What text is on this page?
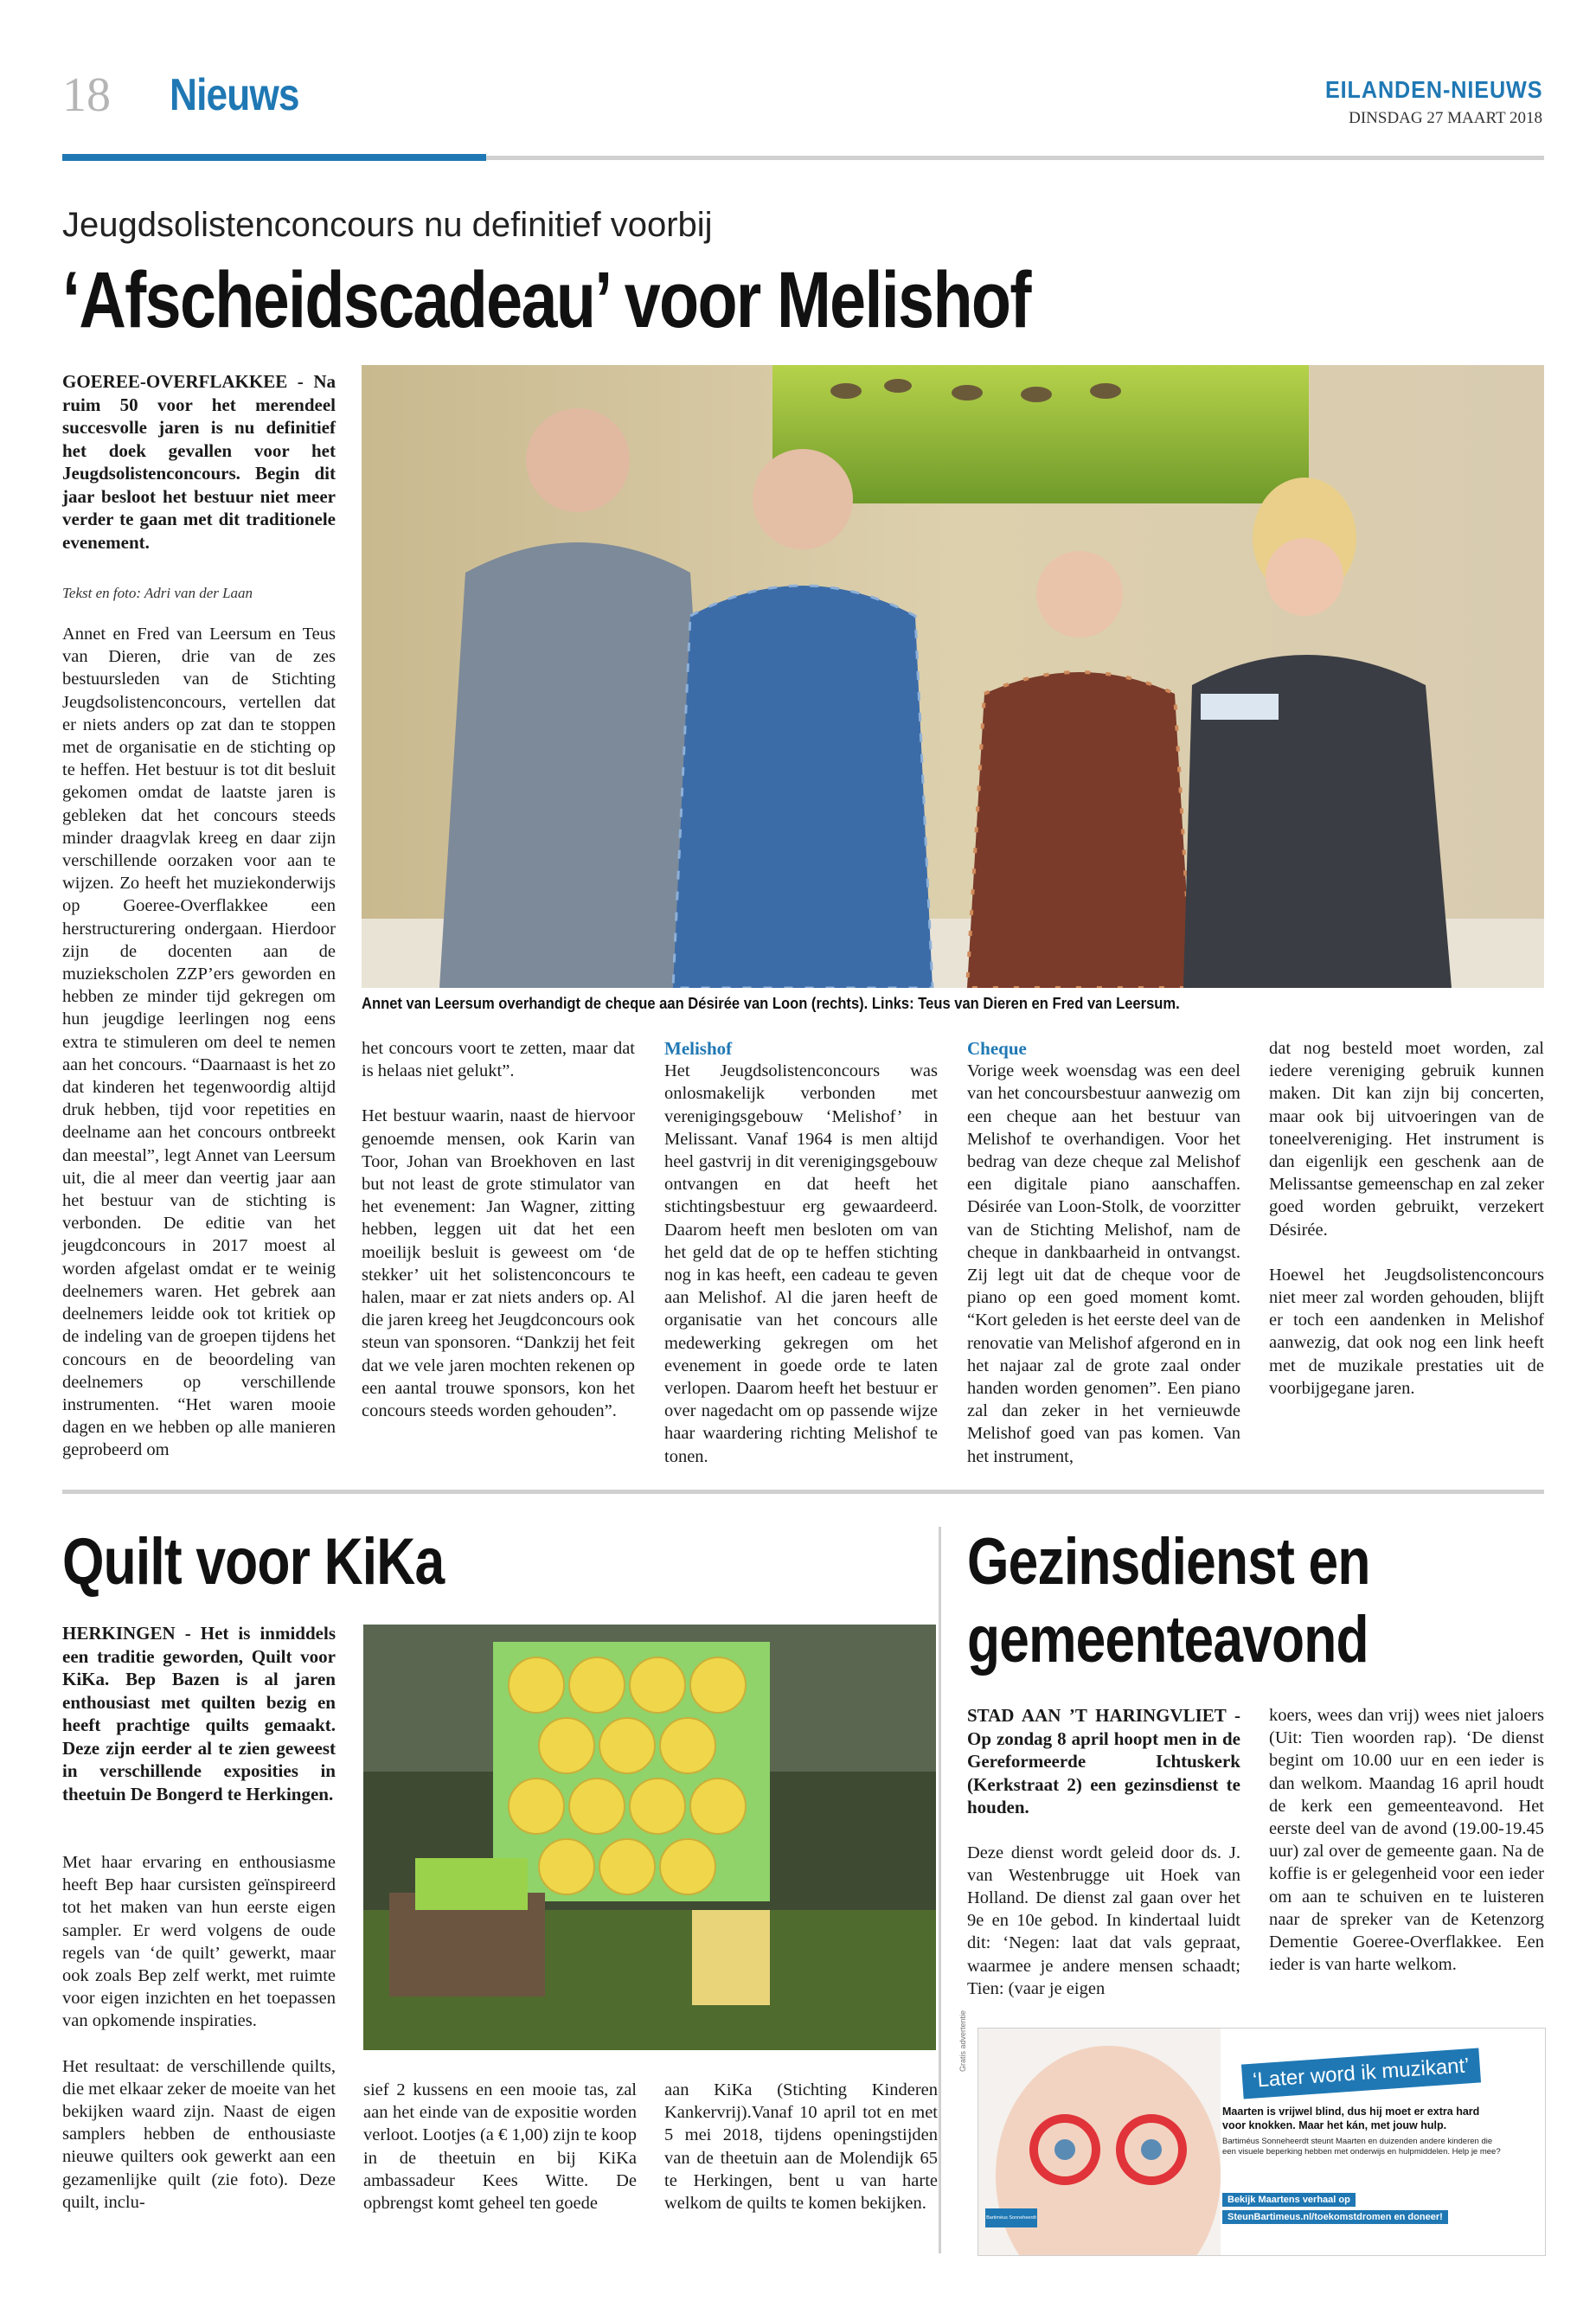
18 Nieuws	EILANDEN-NIEUWS
DINSDAG 27 MAART 2018
Jeugdsolistenconcours nu definitief voorbij
‘Afscheidscadeau’ voor Melishof
GOEREE-OVERFLAKKEE - Na ruim 50 voor het merendeel succesvolle jaren is nu definitief het doek gevallen voor het Jeugdsolistenconcours. Begin dit jaar besloot het bestuur niet meer verder te gaan met dit traditionele evenement.
Tekst en foto: Adri van der Laan

Annet en Fred van Leersum en Teus van Dieren, drie van de zes bestuursleden van de Stichting Jeugdsolistenconcours, vertellen dat er niets anders op zat dan te stoppen met de organisatie en de stichting op te heffen. Het bestuur is tot dit besluit gekomen omdat de laatste jaren is gebleken dat het concours steeds minder draagvlak kreeg en daar zijn verschillende oorzaken voor aan te wijzen. Zo heeft het muziekonderwijs op Goeree-Overflakkee een herstructurering ondergaan. Hierdoor zijn de docenten aan de muziekscholen ZZP’ers geworden en hebben ze minder tijd gekregen om hun jeugdige leerlingen nog eens extra te stimuleren om deel te nemen aan het concours. “Daarnaast is het zo dat kinderen het tegenwoordig altijd druk hebben, tijd voor repetities en deelname aan het concours ontbreekt dan meestal”, legt Annet van Leersum uit, die al meer dan veertig jaar aan het bestuur van de stichting is verbonden. De editie van het jeugdconcours in 2017 moest al worden afgelast omdat er te weinig deelnemers waren. Het gebrek aan deelnemers leidde ook tot kritiek op de indeling van de groepen tijdens het concours en de beoordeling van deelnemers op verschillende instrumenten. “Het waren mooie dagen en we hebben op alle manieren geprobeerd om

Annet van Leersum overhandigt de cheque aan Désirée van Loon (rechts). Links: Teus van Dieren en Fred van Leersum.

het concours voort te zetten, maar dat is helaas niet gelukt”.

Het bestuur waarin, naast de hiervoor genoemde mensen, ook Karin van Toor, Johan van Broekhoven en last but not least de grote stimulator van het evenement: Jan Wagner, zitting hebben, leggen uit dat het een moeilijk besluit is geweest om ‘de stekker’ uit het solistenconcours te halen, maar er zat niets anders op. Al die jaren kreeg het Jeugdconcours ook steun van sponsoren. “Dankzij het feit dat we vele jaren mochten rekenen op een aantal trouwe sponsors, kon het concours steeds worden gehouden”.

Melishof

Het Jeugdsolistenconcours was onlosmakelijk verbonden met verenigingsgebouw ‘Melishof’ in Melissant. Vanaf 1964 is men altijd heel gastvrij in dit verenigingsgebouw ontvangen en dat heeft het stichtingsbestuur erg gewaardeerd. Daarom heeft men besloten om van het geld dat de op te heffen stichting nog in kas heeft, een cadeau te geven aan Melishof. Al die jaren heeft de organisatie van het concours alle medewerking gekregen om het evenement in goede orde te laten verlopen. Daarom heeft het bestuur er over nagedacht om op passende wijze haar waardering richting Melishof te tonen.

Cheque

Vorige week woensdag was een deel van het concoursbestuur aanwezig om een cheque aan het bestuur van Melishof te overhandigen. Voor het bedrag van deze cheque zal Melishof een digitale piano aanschaffen. Désirée van Loon-Stolk, de voorzitter van de Stichting Melishof, nam de cheque in dankbaarheid in ontvangst. Zij legt uit dat de cheque voor de piano op een goed moment komt. “Kort geleden is het eerste deel van de renovatie van Melishof afgerond en in het najaar zal de grote zaal onder handen worden genomen”. Een piano zal dan zeker in het vernieuwde Melishof goed van pas komen. Van het instrument,

dat nog besteld moet worden, zal iedere vereniging gebruik kunnen maken. Dit kan zijn bij concerten, maar ook bij uitvoeringen van de toneelvereniging. Het instrument is dan eigenlijk een geschenk aan de Melissantse gemeenschap en zal zeker goed worden gebruikt, verzekert Désirée.

Hoewel het Jeugdsolistenconcours niet meer zal worden gehouden, blijft er toch een aandenken in Melishof aanwezig, dat ook nog een link heeft met de muzikale prestaties uit de voorbijgegane jaren.

Quilt voor KiKa
HERKINGEN - Het is inmiddels een traditie geworden, Quilt voor KiKa. Bep Bazen is al jaren enthousiast met quilten bezig en heeft prachtige quilts gemaakt. Deze zijn eerder al te zien geweest in verschillende exposities in theetuin De Bongerd te Herkingen.

Met haar ervaring en enthousiasme heeft Bep haar cursisten geïnspireerd tot het maken van hun eerste eigen sampler. Er werd volgens de oude regels van ‘de quilt’ gewerkt, maar ook zoals Bep zelf werkt, met ruimte voor eigen inzichten en het toepassen van opkomende inspiraties.

Het resultaat: de verschillende quilts, die met elkaar zeker de moeite van het bekijken waard zijn. Naast de eigen samplers hebben de enthousiaste nieuwe quilters ook gewerkt aan een gezamenlijke quilt (zie foto). Deze quilt, inclu-

sief 2 kussens en een mooie tas, zal aan het einde van de expositie worden verloot. Lootjes (a € 1,00) zijn te koop in de theetuin en bij KiKa ambassadeur Kees Witte. De opbrengst komt geheel ten goede

aan KiKa (Stichting Kinderen Kankervrij).Vanaf 10 april tot en met 5 mei 2018, tijdens openingstijden van de theetuin aan de Molendijk 65 te Herkingen, bent u van harte welkom de quilts te komen bekijken.

Gezinsdienst en
gemeenteavond

STAD AAN ’T HARINGVLIET - Op zondag 8 april hoopt men in de Gereformeerde Ichtuskerk (Kerkstraat 2) een gezinsdienst te houden.

Deze dienst wordt geleid door ds. J. van Westenbrugge uit Hoek van Holland. De dienst zal gaan over het 9e en 10e gebod. In kindertaal luidt dit: ‘Negen: laat dat vals gepraat, waarmee je andere mensen schaadt; Tien: (vaar je eigen

koers, wees dan vrij) wees niet jaloers (Uit: Tien woorden rap). ‘De dienst begint om 10.00 uur en een ieder is dan welkom. Maandag 16 april houdt de kerk een gemeenteavond. Het eerste deel van de avond (19.00-19.45 uur) zal over de gemeente gaan. Na de koffie is er gelegenheid voor een ieder om aan te schuiven en te luisteren naar de spreker van de Ketenzorg Dementie Goeree-Overflakkee. Een ieder is van harte welkom.

Gratis advertentie
‘Later word ik muzikant’
Maarten is vrijwel blind, dus hij moet er extra hard voor knokken. Maar het kán, met jouw hulp.
Bartiméus Sonneheerdt steunt Maarten en duizenden andere kinderen die een visuele beperking hebben met onderwijs en hulpmiddelen. Help je mee?
Bekijk Maartens verhaal op
SteunBartimeus.nl/toekomstdromen en doneer!
Bartiméus Sonneheerdt
